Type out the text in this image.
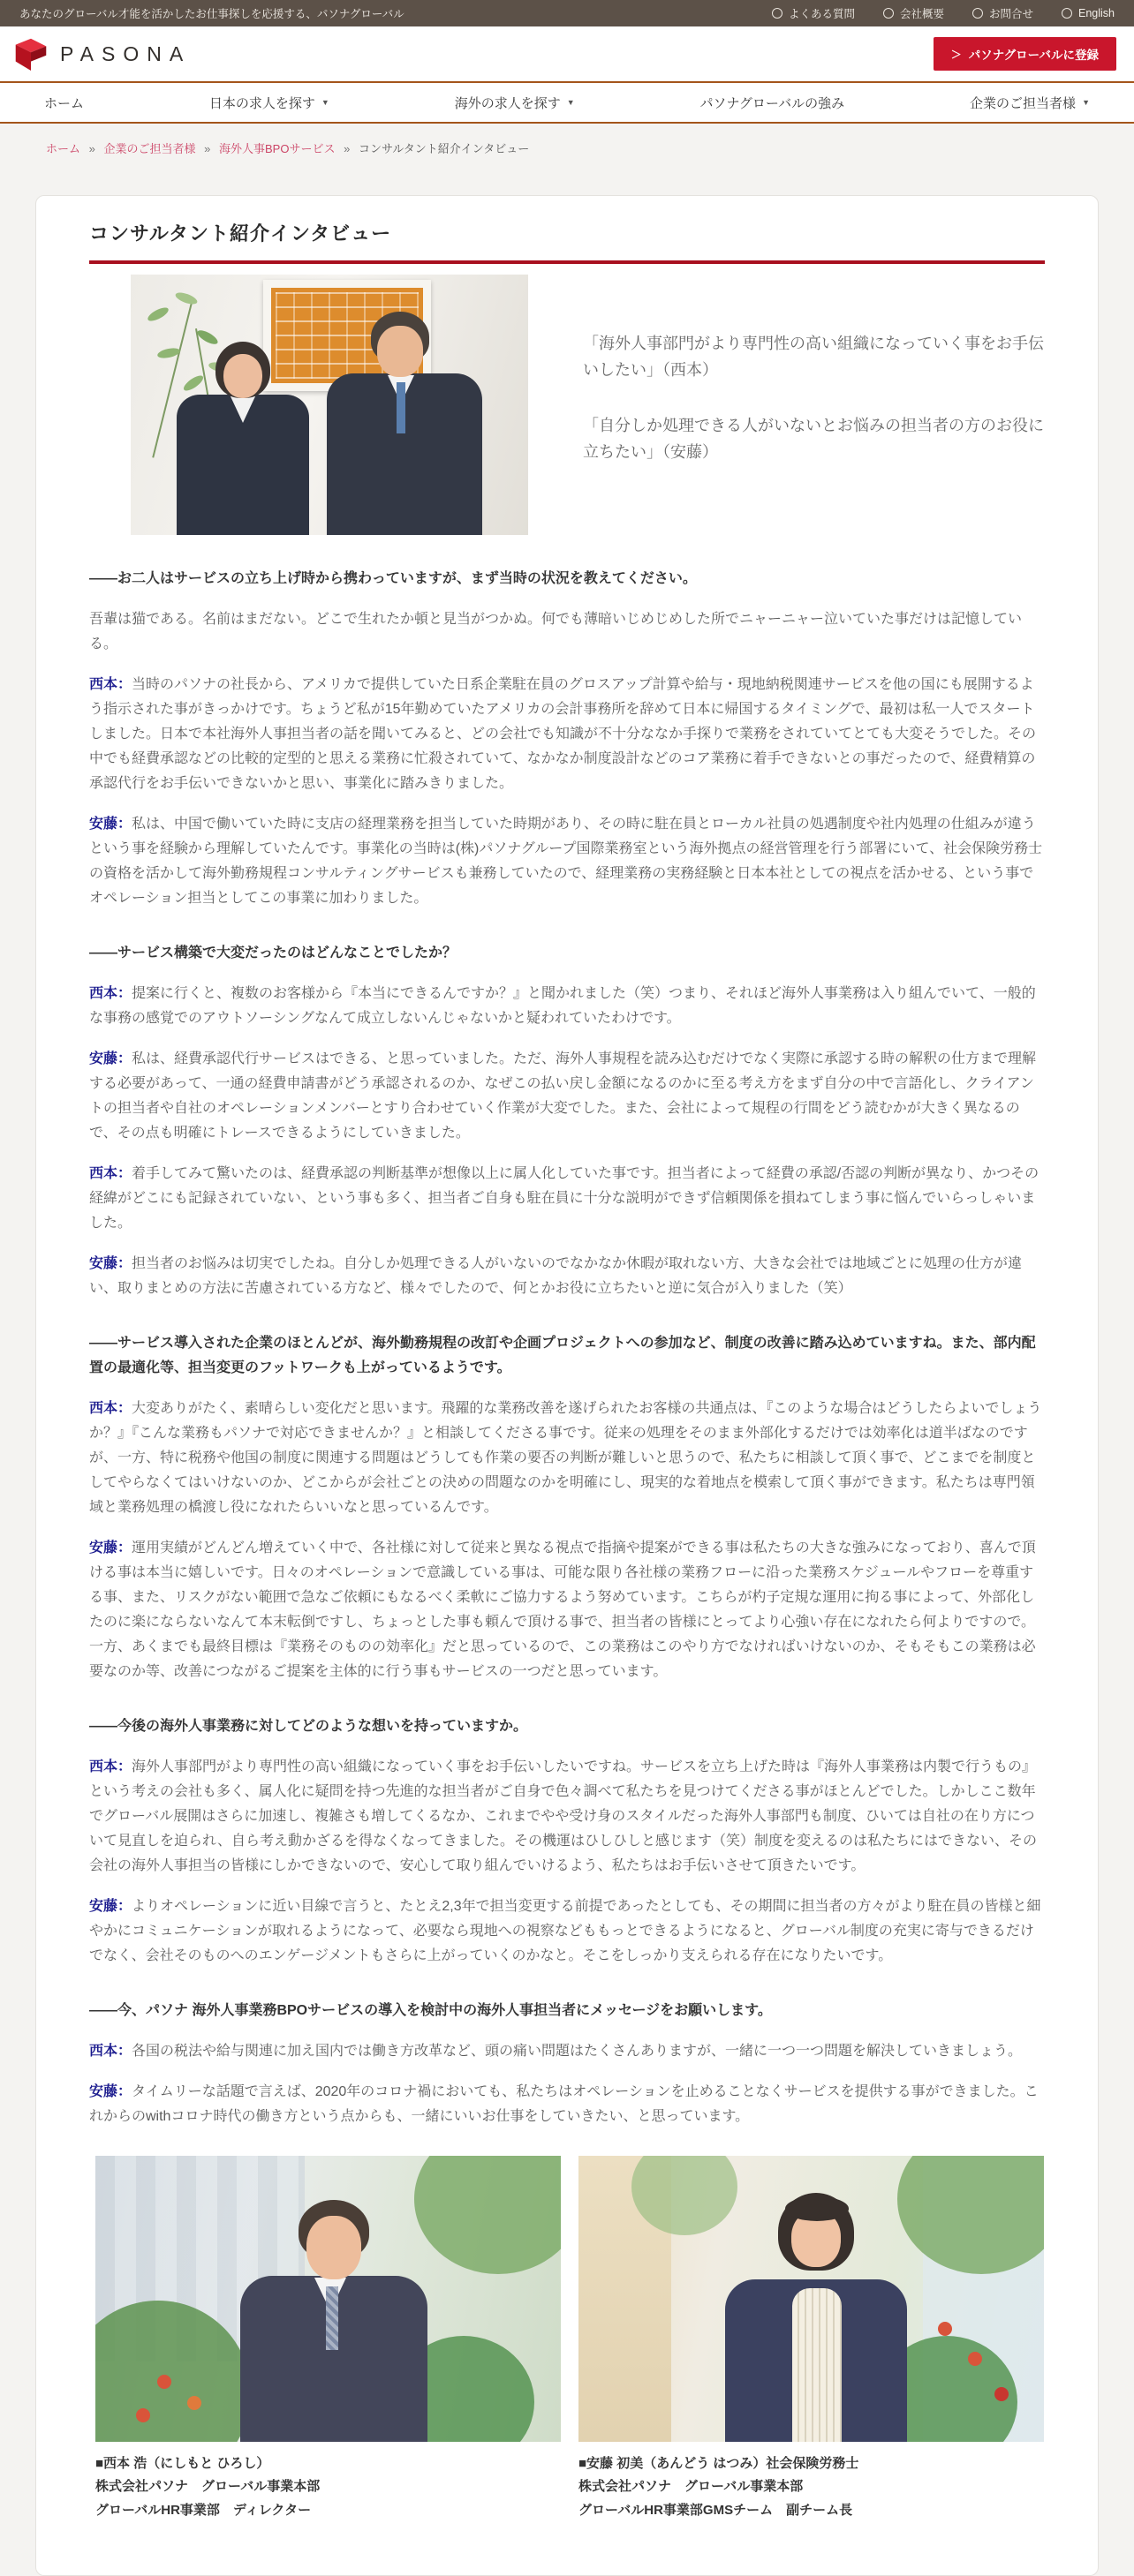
あなたのグローバル才能を活かしたお仕事探しを応援する、パソナグローバル	よくある質問	会社概要	お問合せ	English
PASONA	＞ パソナグローバルに登録
ホーム	日本の求人を探す ▼	海外の求人を探す ▼	パソナグローバルの強み	企業のご担当者様 ▼
ホーム » 企業のご担当者様 » 海外人事BPOサービス » コンサルタント紹介インタビュー
コンサルタント紹介インタビュー

「海外人事部門がより専門性の高い組織になっていく事をお手伝いしたい」（西本）

「自分しか処理できる人がいないとお悩みの担当者の方のお役に立ちたい」（安藤）

――お二人はサービスの立ち上げ時から携わっていますが、まず当時の状況を教えてください。

吾輩は猫である。名前はまだない。どこで生れたか頓と見当がつかぬ。何でも薄暗いじめじめした所でニャーニャー泣いていた事だけは記憶している。

西本：当時のパソナの社長から、アメリカで提供していた日系企業駐在員のグロスアップ計算や給与・現地納税関連サービスを他の国にも展開するよう指示された事がきっかけです。ちょうど私が15年勤めていたアメリカの会計事務所を辞めて日本に帰国するタイミングで、最初は私一人でスタートしました。日本で本社海外人事担当者の話を聞いてみると、どの会社でも知識が不十分ななか手探りで業務をされていてとても大変そうでした。その中でも経費承認などの比較的定型的と思える業務に忙殺されていて、なかなか制度設計などのコア業務に着手できないとの事だったので、経費精算の承認代行をお手伝いできないかと思い、事業化に踏みきりました。

安藤：私は、中国で働いていた時に支店の経理業務を担当していた時期があり、その時に駐在員とローカル社員の処遇制度や社内処理の仕組みが違うという事を経験から理解していたんです。事業化の当時は(株)パソナグループ国際業務室という海外拠点の経営管理を行う部署にいて、社会保険労務士の資格を活かして海外勤務規程コンサルティングサービスも兼務していたので、経理業務の実務経験と日本本社としての視点を活かせる、という事でオペレーション担当としてこの事業に加わりました。

――サービス構築で大変だったのはどんなことでしたか？

西本：提案に行くと、複数のお客様から『本当にできるんですか？』と聞かれました（笑）つまり、それほど海外人事業務は入り組んでいて、一般的な事務の感覚でのアウトソーシングなんて成立しないんじゃないかと疑われていたわけです。

安藤：私は、経費承認代行サービスはできる、と思っていました。ただ、海外人事規程を読み込むだけでなく実際に承認する時の解釈の仕方まで理解する必要があって、一通の経費申請書がどう承認されるのか、なぜこの払い戻し金額になるのかに至る考え方をまず自分の中で言語化し、クライアントの担当者や自社のオペレーションメンバーとすり合わせていく作業が大変でした。また、会社によって規程の行間をどう読むかが大きく異なるので、その点も明確にトレースできるようにしていきました。

西本：着手してみて驚いたのは、経費承認の判断基準が想像以上に属人化していた事です。担当者によって経費の承認/否認の判断が異なり、かつその経緯がどこにも記録されていない、という事も多く、担当者ご自身も駐在員に十分な説明ができず信頼関係を損ねてしまう事に悩んでいらっしゃいました。

安藤：担当者のお悩みは切実でしたね。自分しか処理できる人がいないのでなかなか休暇が取れない方、大きな会社では地域ごとに処理の仕方が違い、取りまとめの方法に苦慮されている方など、様々でしたので、何とかお役に立ちたいと逆に気合が入りました（笑）

――サービス導入された企業のほとんどが、海外勤務規程の改訂や企画プロジェクトへの参加など、制度の改善に踏み込めていますね。また、部内配置の最適化等、担当変更のフットワークも上がっているようです。

西本：大変ありがたく、素晴らしい変化だと思います。飛躍的な業務改善を遂げられたお客様の共通点は、『このような場合はどうしたらよいでしょうか？』『こんな業務もパソナで対応できませんか？』と相談してくださる事です。従来の処理をそのまま外部化するだけでは効率化は道半ばなのですが、一方、特に税務や他国の制度に関連する問題はどうしても作業の要否の判断が難しいと思うので、私たちに相談して頂く事で、どこまでを制度としてやらなくてはいけないのか、どこからが会社ごとの決めの問題なのかを明確にし、現実的な着地点を模索して頂く事ができます。私たちは専門領域と業務処理の橋渡し役になれたらいいなと思っているんです。

安藤：運用実績がどんどん増えていく中で、各社様に対して従来と異なる視点で指摘や提案ができる事は私たちの大きな強みになっており、喜んで頂ける事は本当に嬉しいです。日々のオペレーションで意識している事は、可能な限り各社様の業務フローに沿った業務スケジュールやフローを尊重する事、また、リスクがない範囲で急なご依頼にもなるべく柔軟にご協力するよう努めています。こちらが杓子定規な運用に拘る事によって、外部化したのに楽にならないなんて本末転倒ですし、ちょっとした事も頼んで頂ける事で、担当者の皆様にとってより心強い存在になれたら何よりですので。一方、あくまでも最終目標は『業務そのものの効率化』だと思っているので、この業務はこのやり方でなければいけないのか、そもそもこの業務は必要なのか等、改善につながるご提案を主体的に行う事もサービスの一つだと思っています。

――今後の海外人事業務に対してどのような想いを持っていますか。

西本：海外人事部門がより専門性の高い組織になっていく事をお手伝いしたいですね。サービスを立ち上げた時は『海外人事業務は内製で行うもの』という考えの会社も多く、属人化に疑問を持つ先進的な担当者がご自身で色々調べて私たちを見つけてくださる事がほとんどでした。しかしここ数年でグローバル展開はさらに加速し、複雑さも増してくるなか、これまでやや受け身のスタイルだった海外人事部門も制度、ひいては自社の在り方について見直しを迫られ、自ら考え動かざるを得なくなってきました。その機運はひしひしと感じます（笑）制度を変えるのは私たちにはできない、その会社の海外人事担当の皆様にしかできないので、安心して取り組んでいけるよう、私たちはお手伝いさせて頂きたいです。

安藤：よりオペレーションに近い目線で言うと、たとえ2,3年で担当変更する前提であったとしても、その期間に担当者の方々がより駐在員の皆様と細やかにコミュニケーションが取れるようになって、必要なら現地への視察などももっとできるようになると、グローバル制度の充実に寄与できるだけでなく、会社そのものへのエンゲージメントもさらに上がっていくのかなと。そこをしっかり支えられる存在になりたいです。

――今、パソナ 海外人事業務BPOサービスの導入を検討中の海外人事担当者にメッセージをお願いします。

西本：各国の税法や給与関連に加え国内では働き方改革など、頭の痛い問題はたくさんありますが、一緒に一つ一つ問題を解決していきましょう。

安藤：タイムリーな話題で言えば、2020年のコロナ禍においても、私たちはオペレーションを止めることなくサービスを提供する事ができました。これからのwithコロナ時代の働き方という点からも、一緒にいいお仕事をしていきたい、と思っています。

■西本 浩（にしもと ひろし）

株式会社パソナ　グローバル事業本部

グローバルHR事業部　ディレクター

■安藤 初美（あんどう はつみ）社会保険労務士

株式会社パソナ　グローバル事業本部

グローバルHR事業部GMSチーム　副チーム長
